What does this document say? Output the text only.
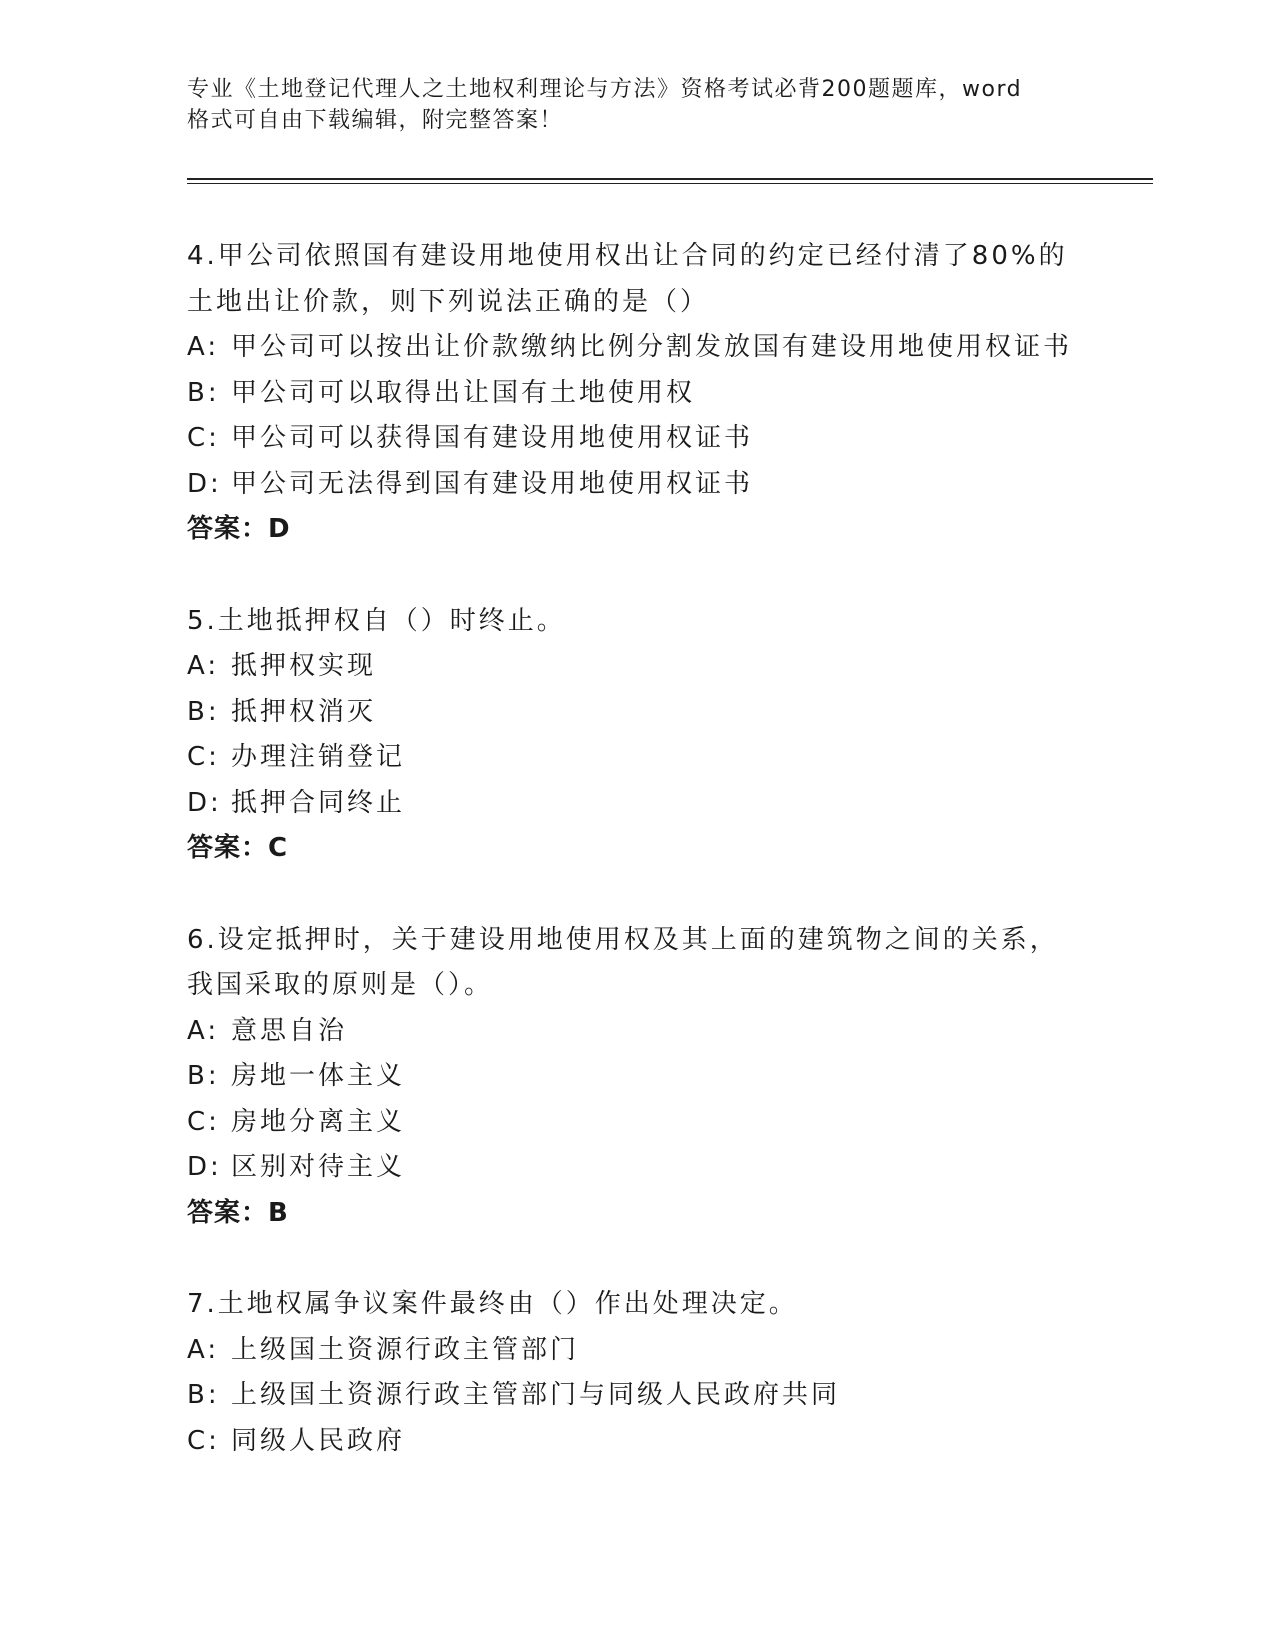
专业《土地登记代理人之土地权利理论与方法》资格考试必背200题题库，word
格式可自由下载编辑，附完整答案！
4.甲公司依照国有建设用地使用权出让合同的约定已经付清了80%的
土地出让价款，则下列说法正确的是（）
A: 甲公司可以按出让价款缴纳比例分割发放国有建设用地使用权证书
B: 甲公司可以取得出让国有土地使用权
C: 甲公司可以获得国有建设用地使用权证书
D: 甲公司无法得到国有建设用地使用权证书
答案：D
5.土地抵押权自（）时终止。
A: 抵押权实现
B: 抵押权消灭
C: 办理注销登记
D: 抵押合同终止
答案：C
6.设定抵押时，关于建设用地使用权及其上面的建筑物之间的关系，
我国采取的原则是（）。
A: 意思自治
B: 房地一体主义
C: 房地分离主义
D: 区别对待主义
答案：B
7.土地权属争议案件最终由（）作出处理决定。
A: 上级国土资源行政主管部门
B: 上级国土资源行政主管部门与同级人民政府共同
C: 同级人民政府
